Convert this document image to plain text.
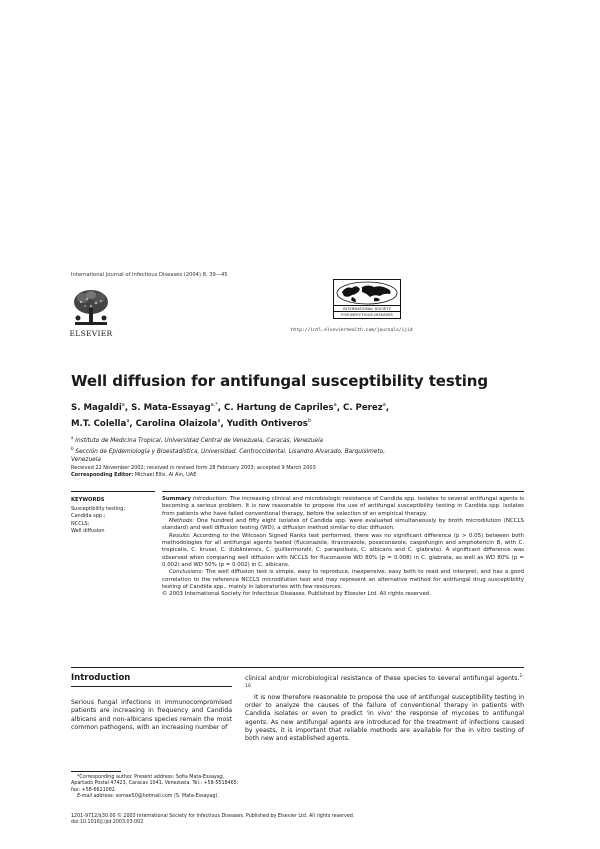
International Journal of Infectious Diseases (2004) 8, 39—45
ELSEVIER
INTERNATIONAL SOCIETY
FOR INFECTIOUS DISEASES
http://intl.elsevierhealth.com/journals/ijid
Well diffusion for antifungal susceptibility testing
S. Magaldi$^a$, S. Mata-Essayag$^{a,*}$, C. Hartung de Capriles$^a$, C. Perez$^a$,
M.T. Colella$^a$, Carolina Olaizola$^a$, Yudith Ontiveros$^b$
$^a$ Instituto de Medicina Tropical, Universidad Central de Venezuela, Caracas, Venezuela
$^b$ Sección de Epidemiología y Bioestadística, Universidad. Centroccidental. Lisandro Alvarado, Barquisimeto, Venezuela
Received 22 November 2002; received in revised form 28 February 2003; accepted 9 March 2003
Corresponding Editor: Michael Ellis, Al Ain, UAE
KEYWORDS
Susceptibility testing;
Candida spp.;
NCCLS;
Well diffusion

Summary Introduction: The increasing clinical and microbiologic resistance of Candida spp. isolates to several antifungal agents is becoming a serious problem. It is now reasonable to propose the use of antifungal susceptibility testing in Candida spp. isolates from patients who have failed conventional therapy, before the selection of an empirical therapy.

Methods: One hundred and fifty eight isolates of Candida spp. were evaluated simultaneously by broth microdilution (NCCLS standard) and well diffusion testing (WD), a diffusion method similar to disc diffusion.

Results: According to the Wilcoxon Signed Ranks test performed, there was no significant difference (p > 0.05) between both methodologies for all antifungal agents tested (fluconazole, itraconazole, posaconazole, caspofungin and amphotericin B, with C. tropicalis, C. krusei, C. dubliniensis, C. guilliermondii, C. parapsilosis, C. albicans and C. glabrata). A significant difference was observed when comparing well diffusion with NCCLS for fluconazole WD 80% (p = 0.008) in C. glabrata, as well as WD 80% (p = 0.002) and WD 50% (p = 0.002) in C. albicans.

Conclusions: The well diffusion test is simple, easy to reproduce, inexpensive, easy both to read and interpret, and has a good correlation to the reference NCCLS microdilution test and may represent an alternative method for antifungal drug susceptibility testing of Candida spp., mainly in laboratories with few resources.

© 2003 International Society for Infectious Diseases. Published by Elsevier Ltd. All rights reserved.

Introduction

Serious fungal infections in immunocompromised patients are increasing in frequency and Candida albicans and non-albicans species remain the most common pathogens, with an increasing number of

clinical and/or microbiological resistance of these species to several antifungal agents.$^{1-10}$

It is now therefore reasonable to propose the use of antifungal susceptibility testing in order to analyze the causes of the failure of conventional therapy in patients with Candida isolates or even to predict 'in vivo' the response of mycoses to antifungal agents. As new antifungal agents are introduced for the treatment of infections caused by yeasts, it is important that reliable methods are available for the in vitro testing of both new and established agents.

*Corresponding author. Present address: Sofia Mata-Essayag, Apartado Postal 47423, Caracas 1041, Venezuela. Tel.: +58-5518465; fax: +58-6621082.

E-mail address: somae50@hotmail.com (S. Mata-Essayag).

1201-9712/$30.00 © 2003 International Society for Infectious Diseases. Published by Elsevier Ltd. All rights reserved.
doi:10.1016/j.ijid.2003.03.002
